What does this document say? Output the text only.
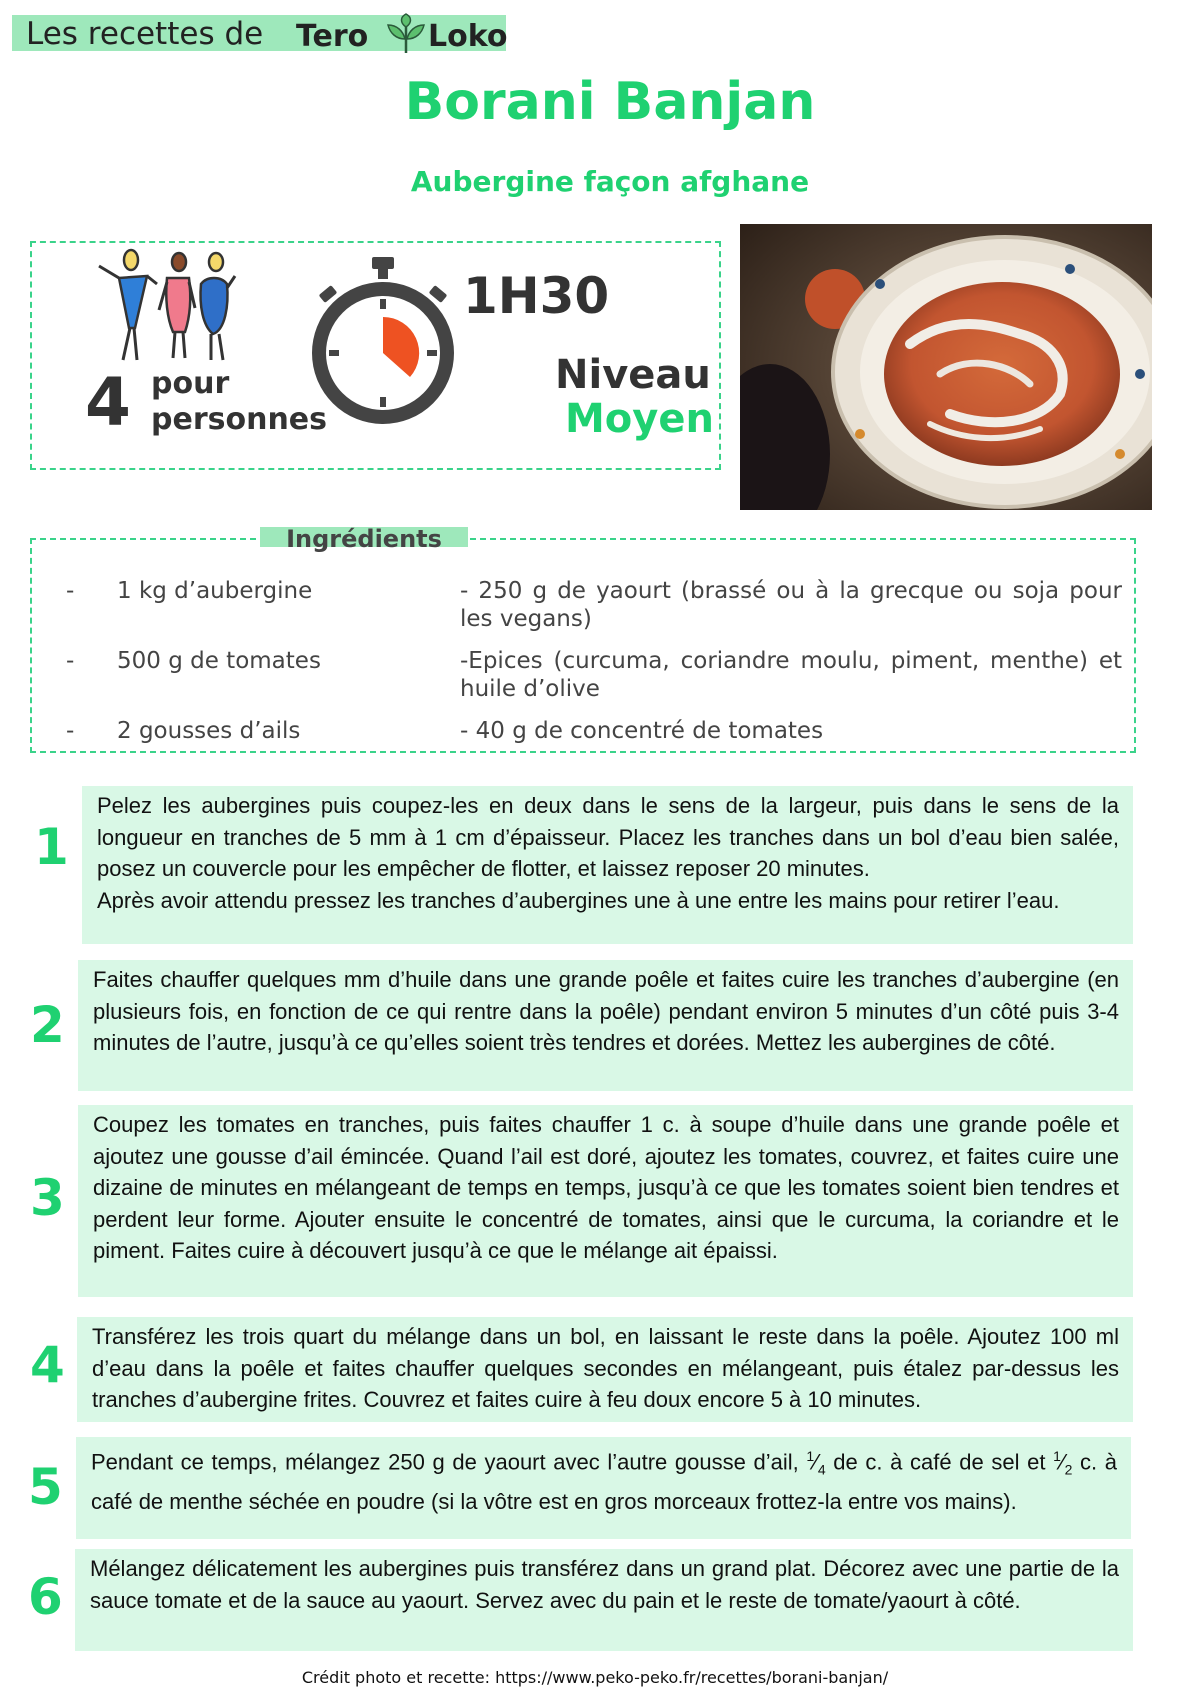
Les recettes de Tero Loko
Borani Banjan
Aubergine façon afghane
4 pour
personnes
1H30
Niveau
Moyen
Ingrédients
- 1 kg d’aubergine	- 250 g de yaourt (brassé ou à la grecque ou soja pour les vegans)
- 500 g de tomates	-Epices (curcuma, coriandre moulu, piment, menthe) et huile d’olive
- 2 gousses d’ails	- 40 g de concentré de tomates
1
Pelez les aubergines puis coupez-les en deux dans le sens de la largeur, puis dans le sens de la longueur en tranches de 5 mm à 1 cm d’épaisseur. Placez les tranches dans un bol d’eau bien salée, posez un couvercle pour les empêcher de flotter, et laissez reposer 20 minutes.
Après avoir attendu pressez les tranches d’aubergines une à une entre les mains pour retirer l’eau.
2
Faites chauffer quelques mm d’huile dans une grande poêle et faites cuire les tranches d’aubergine (en plusieurs fois, en fonction de ce qui rentre dans la poêle) pendant environ 5 minutes d’un côté puis 3-4 minutes de l’autre, jusqu’à ce qu’elles soient très tendres et dorées. Mettez les aubergines de côté.
3
Coupez les tomates en tranches, puis faites chauffer 1 c. à soupe d’huile dans une grande poêle et ajoutez une gousse d’ail émincée. Quand l’ail est doré, ajoutez les tomates, couvrez, et faites cuire une dizaine de minutes en mélangeant de temps en temps, jusqu’à ce que les tomates soient bien tendres et perdent leur forme. Ajouter ensuite le concentré de tomates, ainsi que le curcuma, la coriandre et le piment. Faites cuire à découvert jusqu’à ce que le mélange ait épaissi.
4 Transférez les trois quart du mélange dans un bol, en laissant le reste dans la poêle. Ajoutez 100 ml d’eau dans la poêle et faites chauffer quelques secondes en mélangeant, puis étalez par-dessus les tranches d’aubergine frites. Couvrez et faites cuire à feu doux encore 5 à 10 minutes.
5 Pendant ce temps, mélangez 250 g de yaourt avec l’autre gousse d’ail, $^1⁄_4$ de c. à café de sel et $^1⁄_2$ c. à café de menthe séchée en poudre (si la vôtre est en gros morceaux frottez-la entre vos mains).
6 Mélangez délicatement les aubergines puis transférez dans un grand plat. Décorez avec une partie de la sauce tomate et de la sauce au yaourt. Servez avec du pain et le reste de tomate/yaourt à côté.
Crédit photo et recette: https://www.peko-peko.fr/recettes/borani-banjan/
